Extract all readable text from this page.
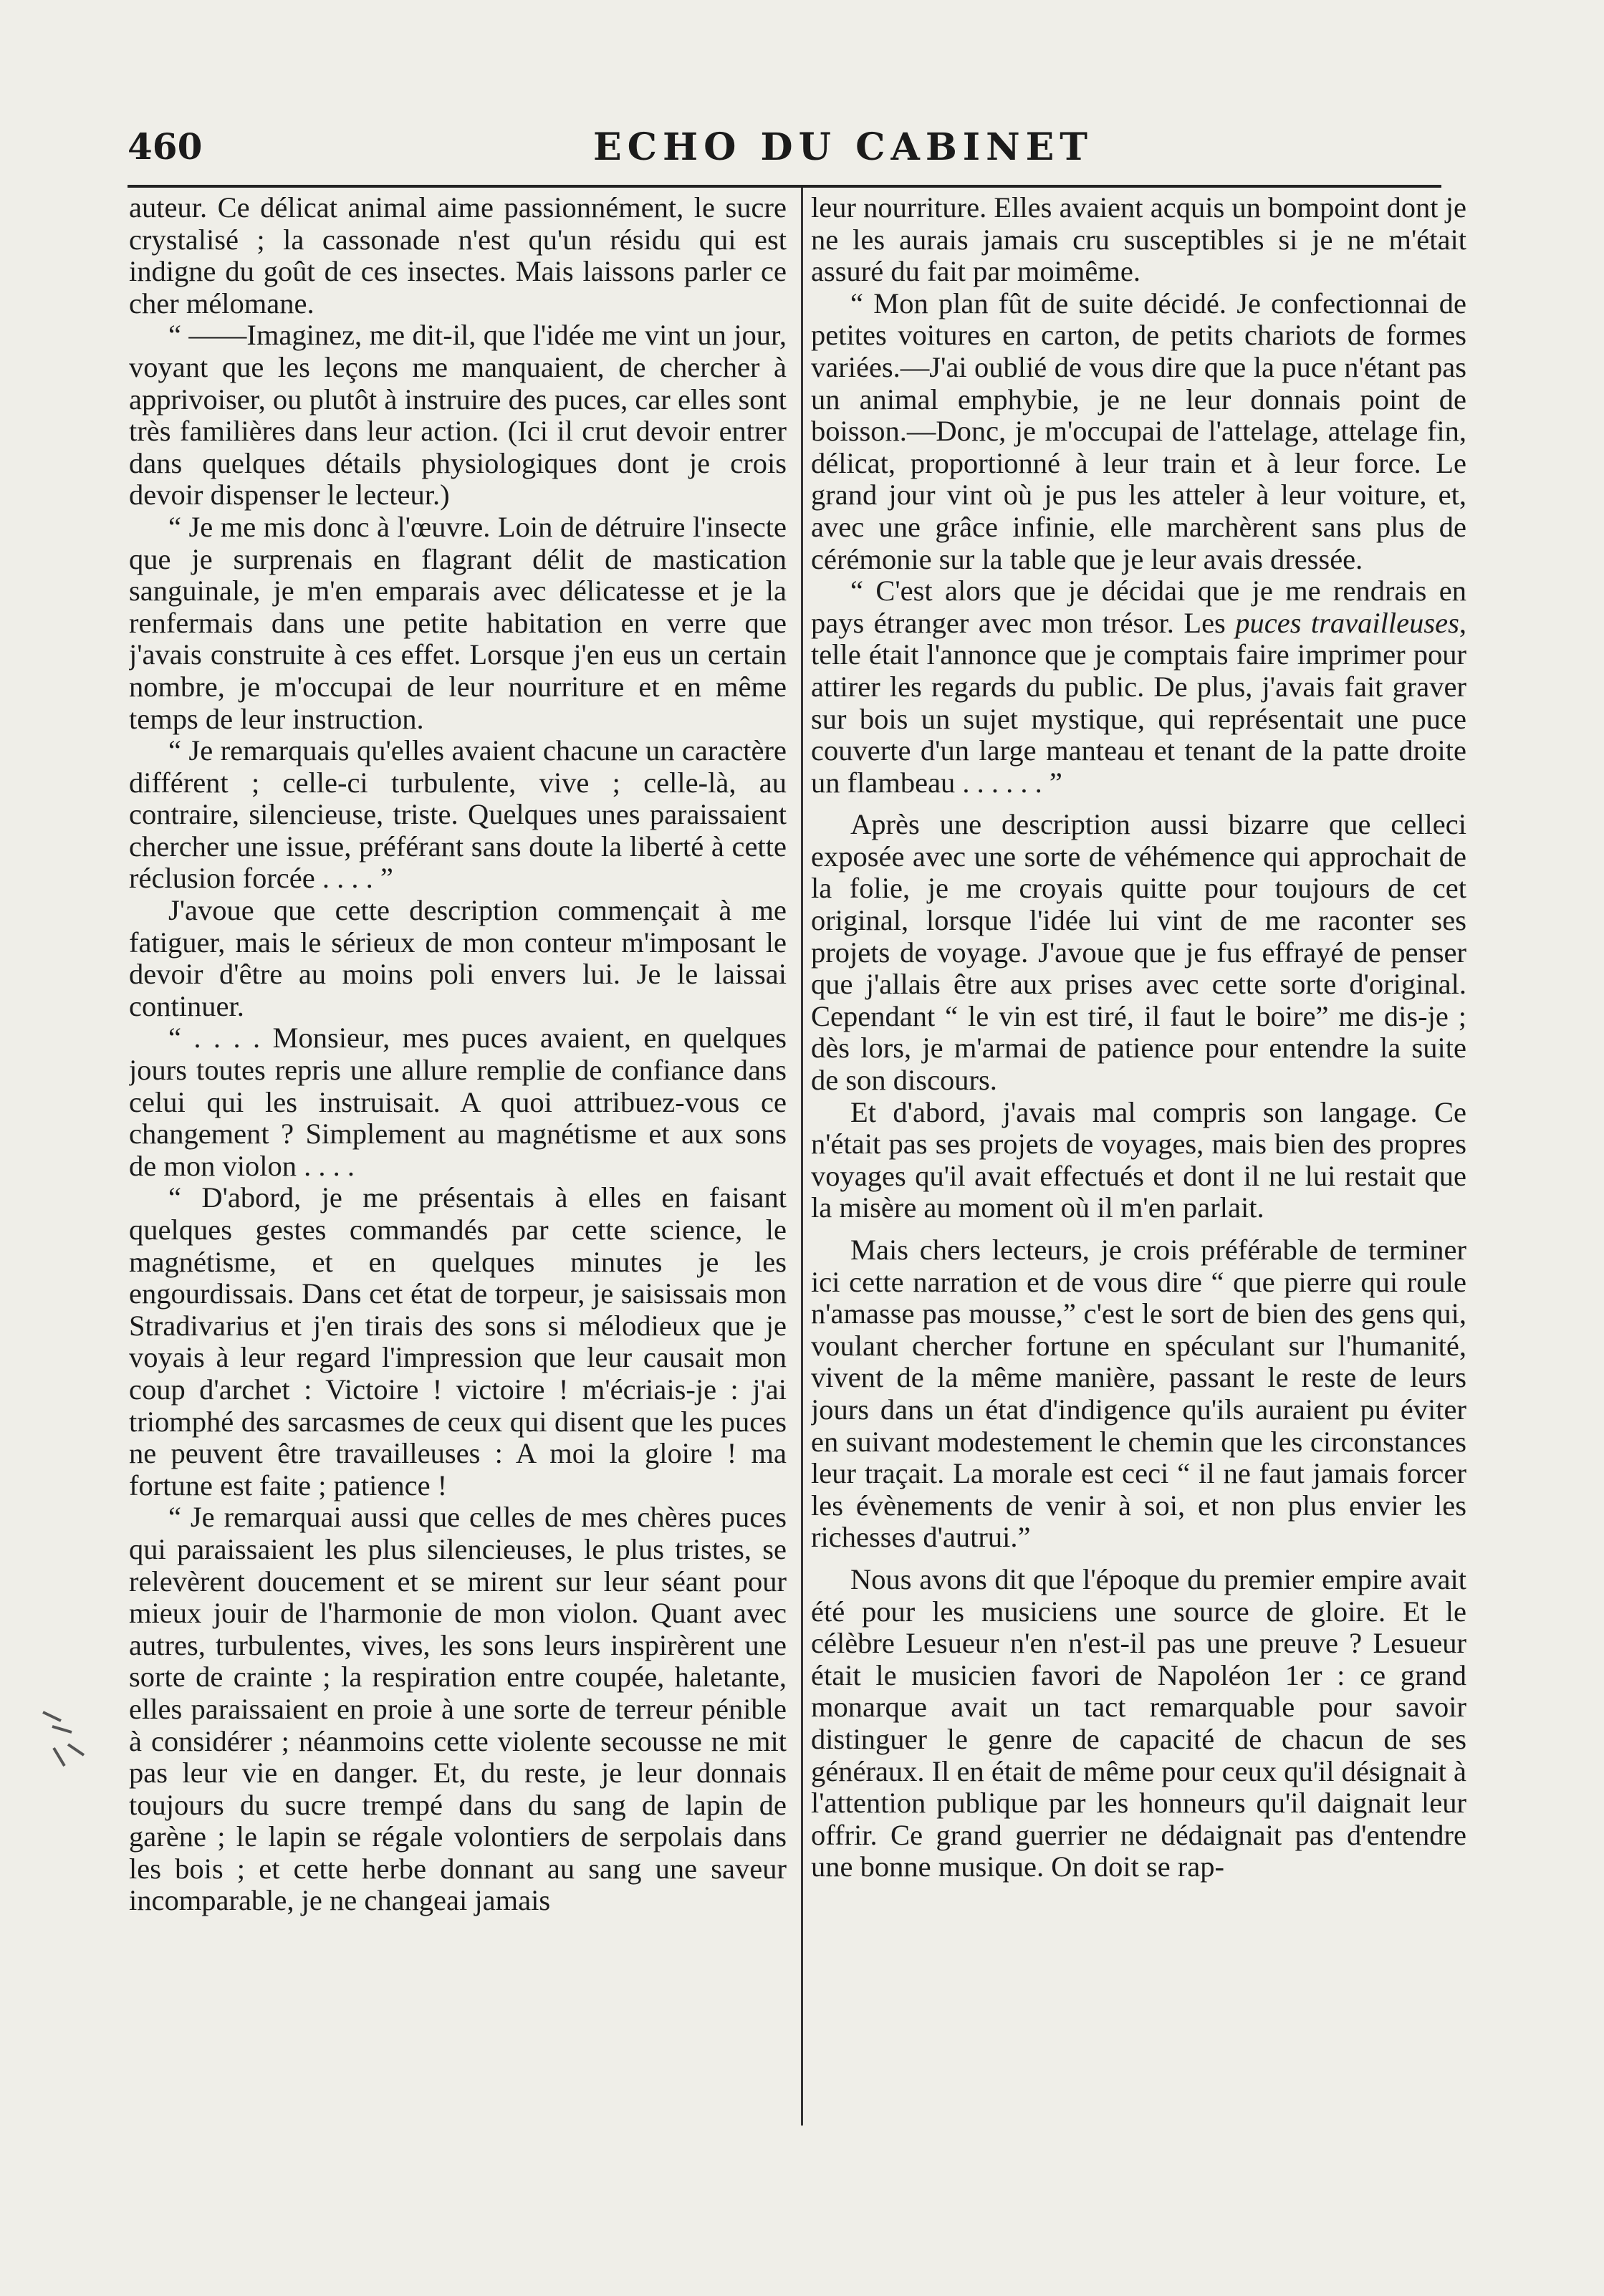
460	ECHO DU CABINET

auteur. Ce délicat animal aime passionnément, le sucre crystalisé ; la cassonade n'est qu'un résidu qui est indigne du goût de ces insectes. Mais laissons parler ce cher mélomane.

“ ——Imaginez, me dit-il, que l'idée me vint un jour, voyant que les leçons me manquaient, de chercher à apprivoiser, ou plutôt à instruire des puces, car elles sont très familières dans leur action. (Ici il crut devoir entrer dans quelques détails physiologiques dont je crois devoir dispenser le lecteur.)

“ Je me mis donc à l'œuvre. Loin de détruire l'insecte que je surprenais en flagrant délit de mastication sanguinale, je m'en emparais avec délicatesse et je la renfermais dans une petite habitation en verre que j'avais construite à ces effet. Lorsque j'en eus un certain nombre, je m'occupai de leur nourriture et en même temps de leur instruction.

“ Je remarquais qu'elles avaient chacune un caractère différent ; celle-ci turbulente, vive ; celle-là, au contraire, silencieuse, triste. Quelques unes paraissaient chercher une issue, préférant sans doute la liberté à cette réclusion forcée . . . . ”

J'avoue que cette description commençait à me fatiguer, mais le sérieux de mon conteur m'imposant le devoir d'être au moins poli envers lui. Je le laissai continuer.

“ . . . . Monsieur, mes puces avaient, en quelques jours toutes repris une allure remplie de confiance dans celui qui les instruisait. A quoi attribuez-vous ce changement ? Simplement au magnétisme et aux sons de mon violon . . . .

“ D'abord, je me présentais à elles en faisant quelques gestes commandés par cette science, le magnétisme, et en quelques minutes je les engourdissais. Dans cet état de torpeur, je saisissais mon Stradivarius et j'en tirais des sons si mélodieux que je voyais à leur regard l'impression que leur causait mon coup d'archet : Victoire ! victoire ! m'écriais-je : j'ai triomphé des sarcasmes de ceux qui disent que les puces ne peuvent être travailleuses : A moi la gloire ! ma fortune est faite ; patience !

“ Je remarquai aussi que celles de mes chères puces qui paraissaient les plus silencieuses, le plus tristes, se relevèrent doucement et se mirent sur leur séant pour mieux jouir de l'harmonie de mon violon. Quant avec autres, turbulentes, vives, les sons leurs inspirèrent une sorte de crainte ; la respiration entre coupée, haletante, elles paraissaient en proie à une sorte de terreur pénible à considérer ; néanmoins cette violente secousse ne mit pas leur vie en danger. Et, du reste, je leur donnais toujours du sucre trempé dans du sang de lapin de garène ; le lapin se régale volontiers de serpolais dans les bois ; et cette herbe donnant au sang une saveur incomparable, je ne changeai jamais

leur nourriture. Elles avaient acquis un bompoint dont je ne les aurais jamais cru susceptibles si je ne m'était assuré du fait par moimême.

“ Mon plan fût de suite décidé. Je confectionnai de petites voitures en carton, de petits chariots de formes variées.—J'ai oublié de vous dire que la puce n'étant pas un animal emphybie, je ne leur donnais point de boisson.—Donc, je m'occupai de l'attelage, attelage fin, délicat, proportionné à leur train et à leur force. Le grand jour vint où je pus les atteler à leur voiture, et, avec une grâce infinie, elle marchèrent sans plus de cérémonie sur la table que je leur avais dressée.

“ C'est alors que je décidai que je me rendrais en pays étranger avec mon trésor. Les puces travailleuses, telle était l'annonce que je comptais faire imprimer pour attirer les regards du public. De plus, j'avais fait graver sur bois un sujet mystique, qui représentait une puce couverte d'un large manteau et tenant de la patte droite un flambeau . . . . . . ”

Après une description aussi bizarre que celleci exposée avec une sorte de véhémence qui approchait de la folie, je me croyais quitte pour toujours de cet original, lorsque l'idée lui vint de me raconter ses projets de voyage. J'avoue que je fus effrayé de penser que j'allais être aux prises avec cette sorte d'original. Cependant “ le vin est tiré, il faut le boire” me dis-je ; dès lors, je m'armai de patience pour entendre la suite de son discours.

Et d'abord, j'avais mal compris son langage. Ce n'était pas ses projets de voyages, mais bien des propres voyages qu'il avait effectués et dont il ne lui restait que la misère au moment où il m'en parlait.

Mais chers lecteurs, je crois préférable de terminer ici cette narration et de vous dire “ que pierre qui roule n'amasse pas mousse,” c'est le sort de bien des gens qui, voulant chercher fortune en spéculant sur l'humanité, vivent de la même manière, passant le reste de leurs jours dans un état d'indigence qu'ils auraient pu éviter en suivant modestement le chemin que les circonstances leur traçait. La morale est ceci “ il ne faut jamais forcer les évènements de venir à soi, et non plus envier les richesses d'autrui.”

Nous avons dit que l'époque du premier empire avait été pour les musiciens une source de gloire. Et le célèbre Lesueur n'en n'est-il pas une preuve ? Lesueur était le musicien favori de Napoléon 1er : ce grand monarque avait un tact remarquable pour savoir distinguer le genre de capacité de chacun de ses généraux. Il en était de même pour ceux qu'il désignait à l'attention publique par les honneurs qu'il daignait leur offrir. Ce grand guerrier ne dédaignait pas d'entendre une bonne musique. On doit se rap-
